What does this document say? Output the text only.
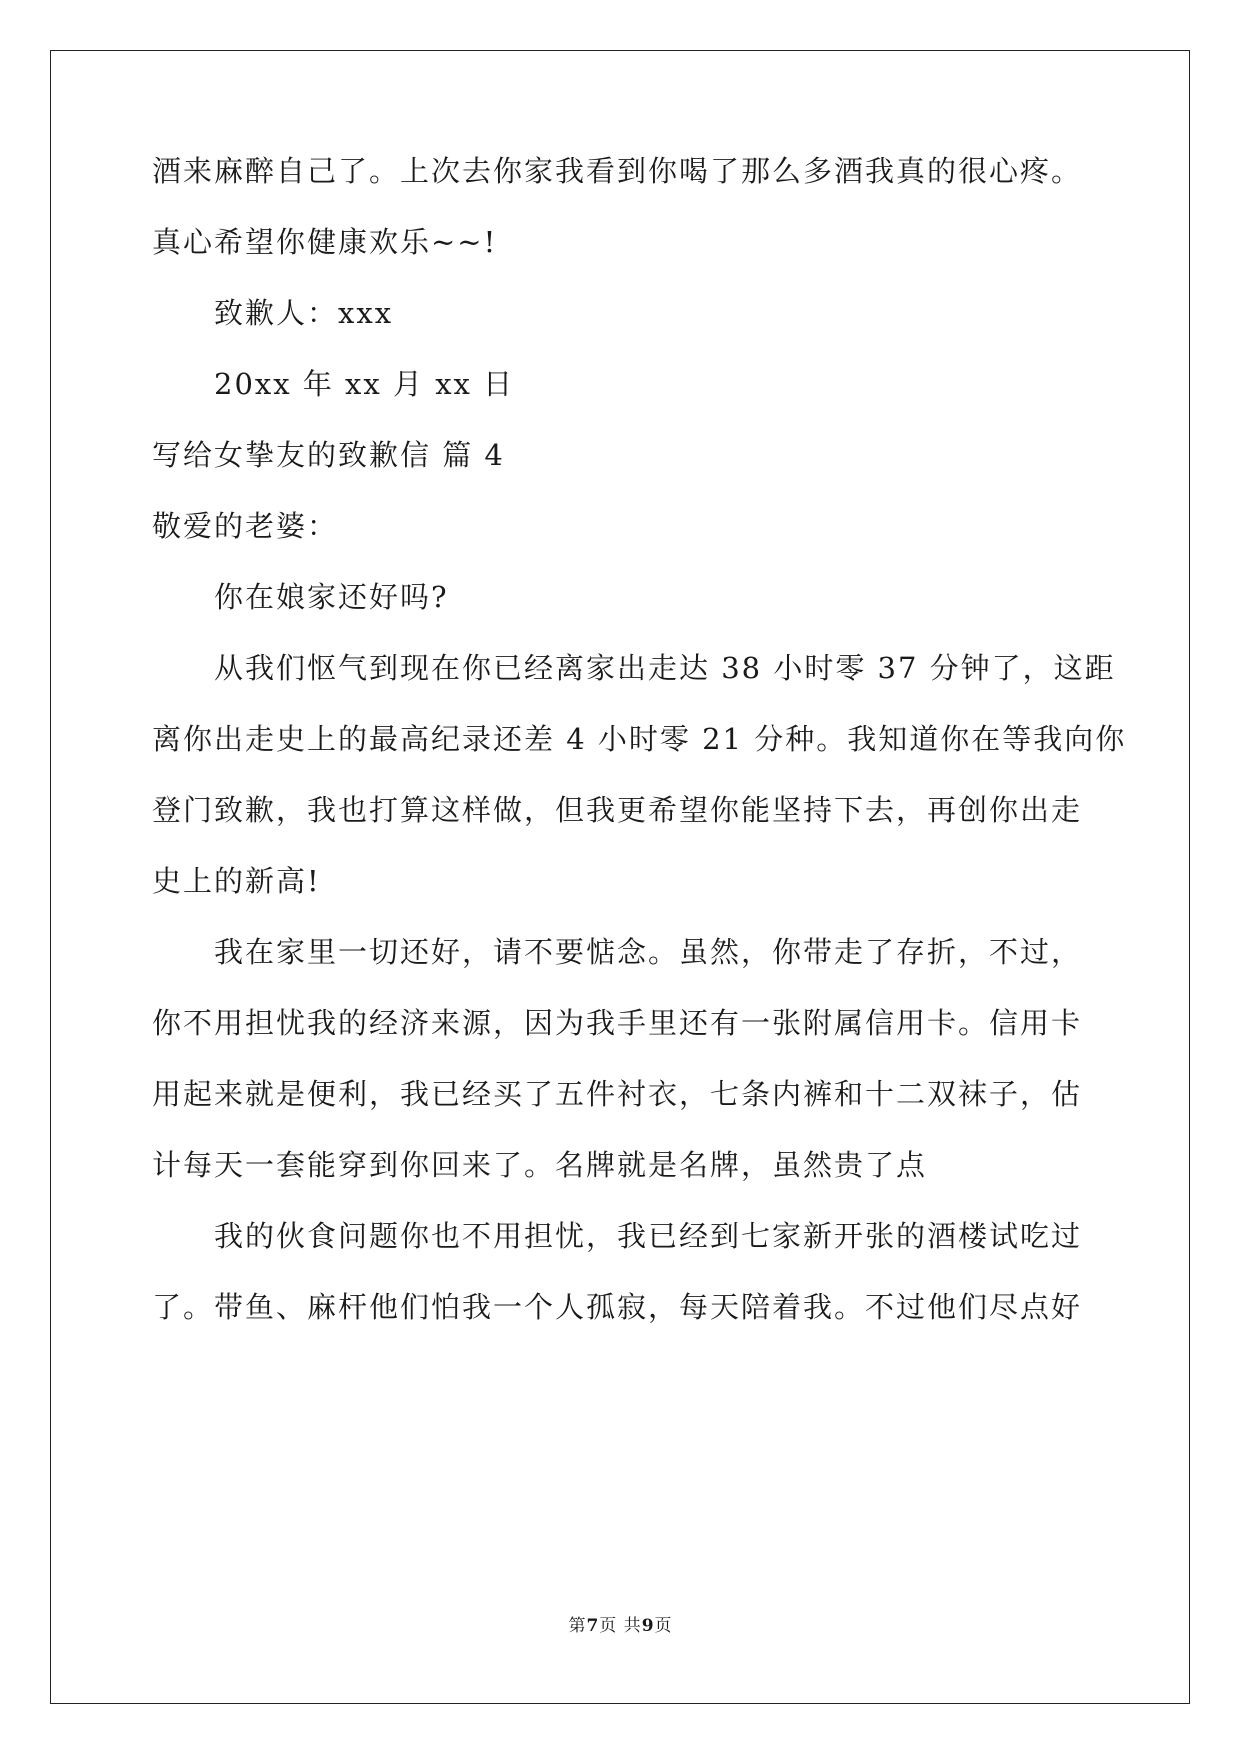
酒来麻醉自己了。上次去你家我看到你喝了那么多酒我真的很心疼。
真心希望你健康欢乐~~!
致歉人：xxx
20xx 年 xx 月 xx 日
写给女挚友的致歉信 篇 4
敬爱的老婆：
你在娘家还好吗?
从我们怄气到现在你已经离家出走达 38 小时零 37 分钟了，这距
离你出走史上的最高纪录还差 4 小时零 21 分种。我知道你在等我向你
登门致歉，我也打算这样做，但我更希望你能坚持下去，再创你出走
史上的新高!
我在家里一切还好，请不要惦念。虽然，你带走了存折，不过，
你不用担忧我的经济来源，因为我手里还有一张附属信用卡。信用卡
用起来就是便利，我已经买了五件衬衣，七条内裤和十二双袜子，估
计每天一套能穿到你回来了。名牌就是名牌，虽然贵了点
我的伙食问题你也不用担忧，我已经到七家新开张的酒楼试吃过
了。带鱼、麻杆他们怕我一个人孤寂，每天陪着我。不过他们尽点好
第7页 共9页
